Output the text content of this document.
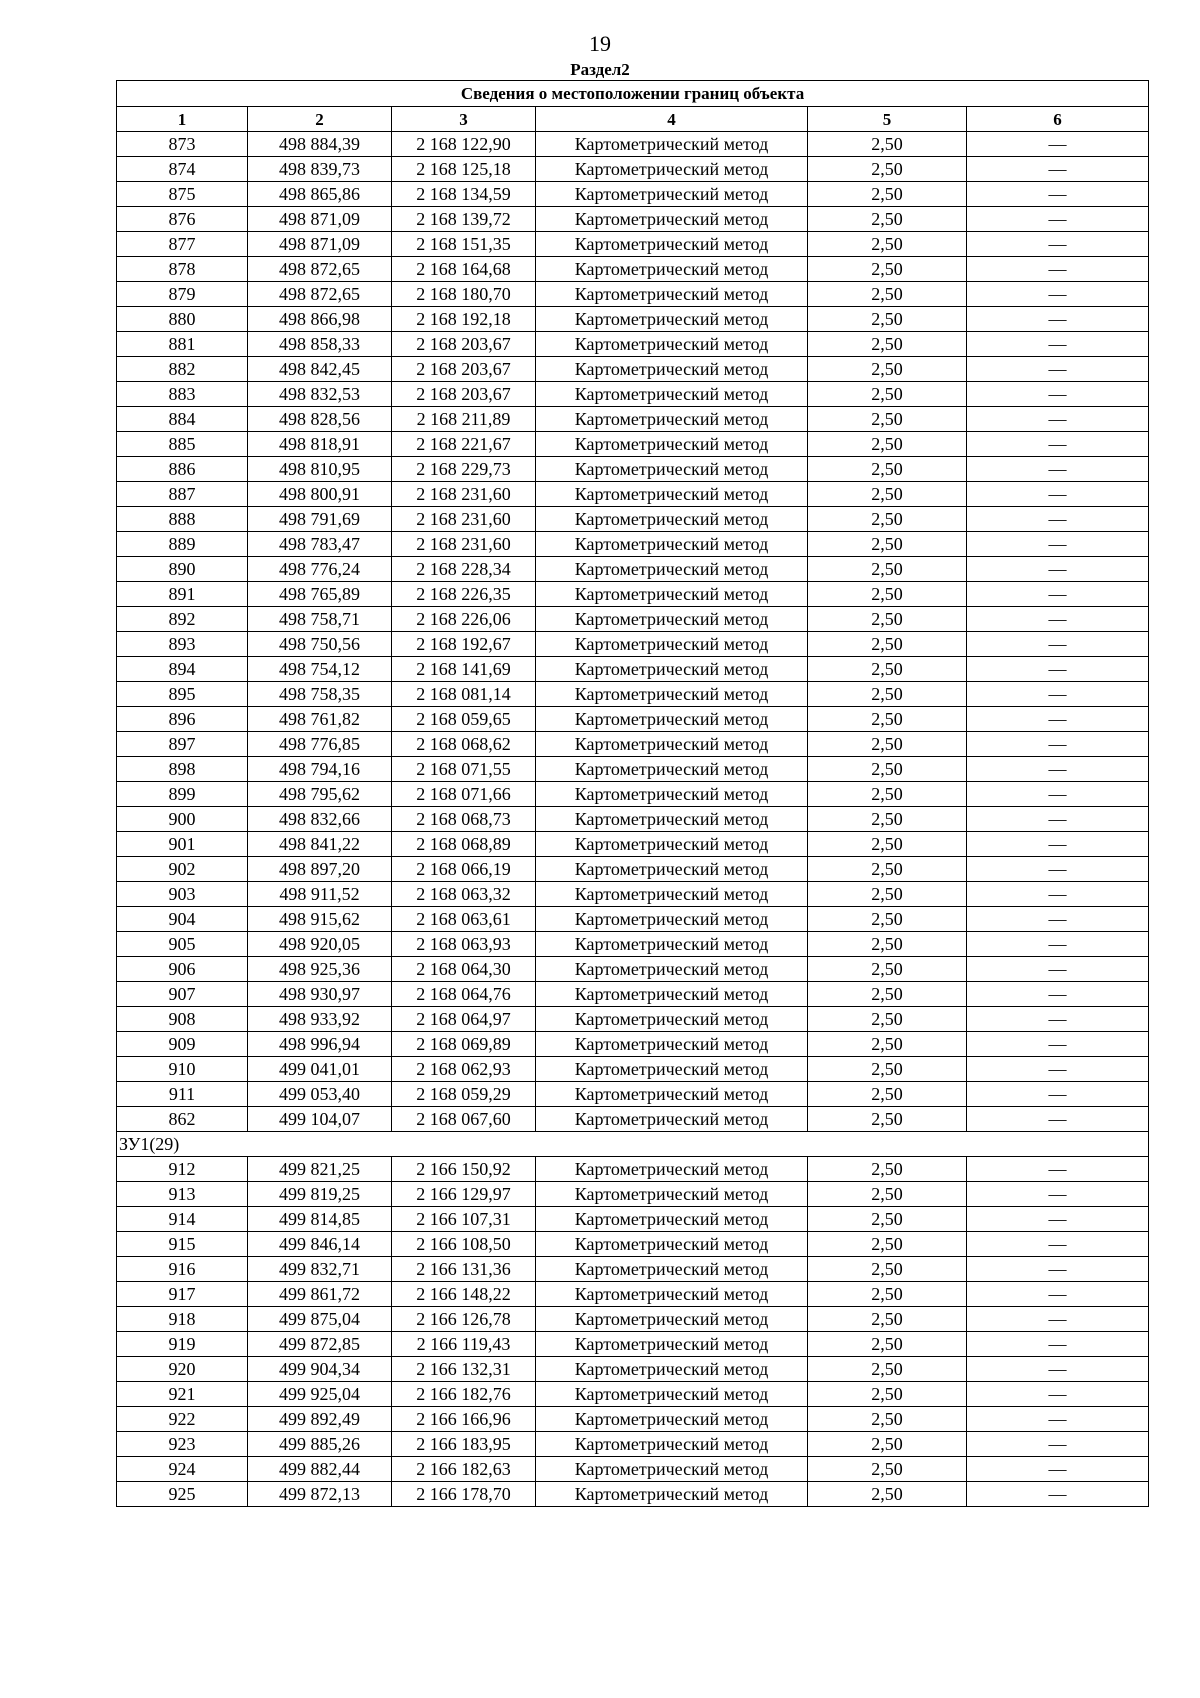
19
Раздел2
Сведения о местоположении границ объекта					
1	2	3	4	5	6
873	498 884,39	2 168 122,90	Картометрический метод	2,50	—
874	498 839,73	2 168 125,18	Картометрический метод	2,50	—
875	498 865,86	2 168 134,59	Картометрический метод	2,50	—
876	498 871,09	2 168 139,72	Картометрический метод	2,50	—
877	498 871,09	2 168 151,35	Картометрический метод	2,50	—
878	498 872,65	2 168 164,68	Картометрический метод	2,50	—
879	498 872,65	2 168 180,70	Картометрический метод	2,50	—
880	498 866,98	2 168 192,18	Картометрический метод	2,50	—
881	498 858,33	2 168 203,67	Картометрический метод	2,50	—
882	498 842,45	2 168 203,67	Картометрический метод	2,50	—
883	498 832,53	2 168 203,67	Картометрический метод	2,50	—
884	498 828,56	2 168 211,89	Картометрический метод	2,50	—
885	498 818,91	2 168 221,67	Картометрический метод	2,50	—
886	498 810,95	2 168 229,73	Картометрический метод	2,50	—
887	498 800,91	2 168 231,60	Картометрический метод	2,50	—
888	498 791,69	2 168 231,60	Картометрический метод	2,50	—
889	498 783,47	2 168 231,60	Картометрический метод	2,50	—
890	498 776,24	2 168 228,34	Картометрический метод	2,50	—
891	498 765,89	2 168 226,35	Картометрический метод	2,50	—
892	498 758,71	2 168 226,06	Картометрический метод	2,50	—
893	498 750,56	2 168 192,67	Картометрический метод	2,50	—
894	498 754,12	2 168 141,69	Картометрический метод	2,50	—
895	498 758,35	2 168 081,14	Картометрический метод	2,50	—
896	498 761,82	2 168 059,65	Картометрический метод	2,50	—
897	498 776,85	2 168 068,62	Картометрический метод	2,50	—
898	498 794,16	2 168 071,55	Картометрический метод	2,50	—
899	498 795,62	2 168 071,66	Картометрический метод	2,50	—
900	498 832,66	2 168 068,73	Картометрический метод	2,50	—
901	498 841,22	2 168 068,89	Картометрический метод	2,50	—
902	498 897,20	2 168 066,19	Картометрический метод	2,50	—
903	498 911,52	2 168 063,32	Картометрический метод	2,50	—
904	498 915,62	2 168 063,61	Картометрический метод	2,50	—
905	498 920,05	2 168 063,93	Картометрический метод	2,50	—
906	498 925,36	2 168 064,30	Картометрический метод	2,50	—
907	498 930,97	2 168 064,76	Картометрический метод	2,50	—
908	498 933,92	2 168 064,97	Картометрический метод	2,50	—
909	498 996,94	2 168 069,89	Картометрический метод	2,50	—
910	499 041,01	2 168 062,93	Картометрический метод	2,50	—
911	499 053,40	2 168 059,29	Картометрический метод	2,50	—
862	499 104,07	2 168 067,60	Картометрический метод	2,50	—
ЗУ1(29)					
912	499 821,25	2 166 150,92	Картометрический метод	2,50	—
913	499 819,25	2 166 129,97	Картометрический метод	2,50	—
914	499 814,85	2 166 107,31	Картометрический метод	2,50	—
915	499 846,14	2 166 108,50	Картометрический метод	2,50	—
916	499 832,71	2 166 131,36	Картометрический метод	2,50	—
917	499 861,72	2 166 148,22	Картометрический метод	2,50	—
918	499 875,04	2 166 126,78	Картометрический метод	2,50	—
919	499 872,85	2 166 119,43	Картометрический метод	2,50	—
920	499 904,34	2 166 132,31	Картометрический метод	2,50	—
921	499 925,04	2 166 182,76	Картометрический метод	2,50	—
922	499 892,49	2 166 166,96	Картометрический метод	2,50	—
923	499 885,26	2 166 183,95	Картометрический метод	2,50	—
924	499 882,44	2 166 182,63	Картометрический метод	2,50	—
925	499 872,13	2 166 178,70	Картометрический метод	2,50	—
